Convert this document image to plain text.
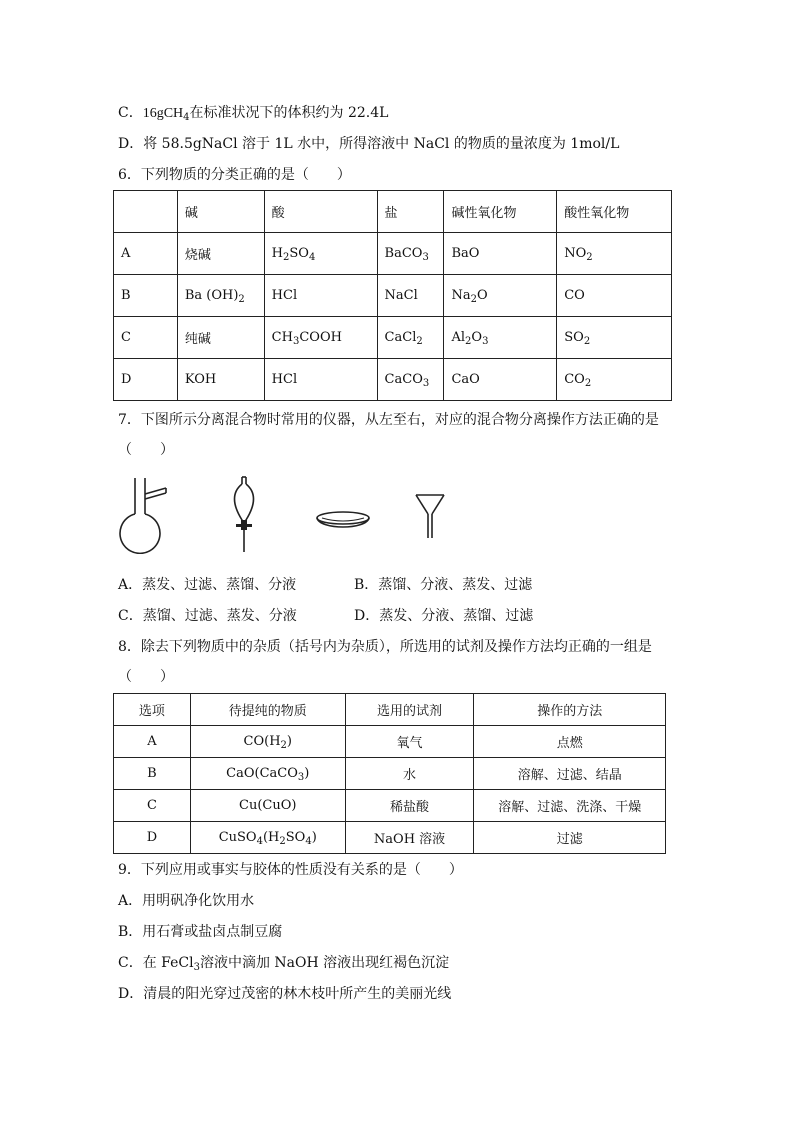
C．16gCH$_4$在标准状况下的体积约为 22.4L
D．将 58.5gNaCl 溶于 1L 水中，所得溶液中 NaCl 的物质的量浓度为 1mol/L
6．下列物质的分类正确的是（　　）
	碱	酸	盐	碱性氧化物	酸性氧化物
A	烧碱	$H_2SO_4$	BaCO$_3$	BaO	$NO_2$
B	Ba $(OH)_2$	HCl	NaCl	$Na_2O$	CO
C	纯碱	$CH_3COOH$	CaCl$_2$	$Al_2O_3$	$SO_2$
D	KOH	HCl	CaCO$_3$	CaO	$CO_2$
7．下图所示分离混合物时常用的仪器，从左至右，对应的混合物分离操作方法正确的是
（　　）
A．蒸发、过滤、蒸馏、分液	B．蒸馏、分液、蒸发、过滤
C．蒸馏、过滤、蒸发、分液	D．蒸发、分液、蒸馏、过滤
8．除去下列物质中的杂质（括号内为杂质），所选用的试剂及操作方法均正确的一组是
（　　）
选项	待提纯的物质	选用的试剂	操作的方法
A	$CO(H_2)$	氧气	点燃
B	CaO(CaCO$_3$)	水	溶解、过滤、结晶
C	Cu(CuO)	稀盐酸	溶解、过滤、洗涤、干燥
D	$CuSO_4(H_2SO_4)$	NaOH 溶液	过滤
9．下列应用或事实与胶体的性质没有关系的是（　　）
A．用明矾净化饮用水
B．用石膏或盐卤点制豆腐
C．在 FeCl$_3$溶液中滴加 NaOH 溶液出现红褐色沉淀
D．清晨的阳光穿过茂密的林木枝叶所产生的美丽光线
